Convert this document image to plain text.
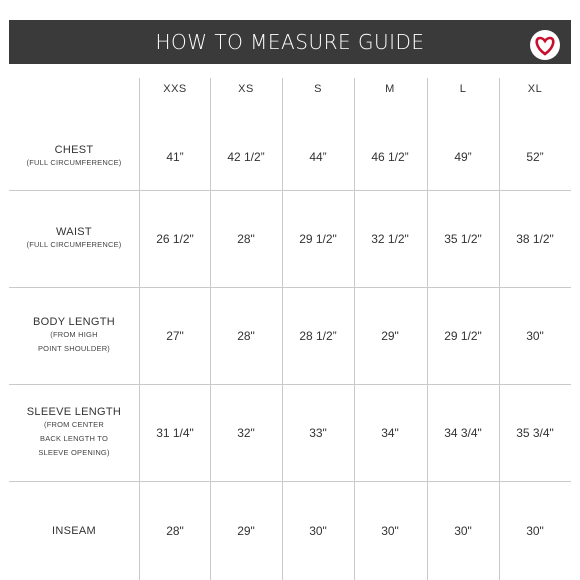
HOW TO MEASURE GUIDE
XXS	XS	S	M	L	XL
CHEST
(FULL CIRCUMFERENCE)	41”	42 1/2”	44”	46 1/2”	49”	52”
WAIST
(FULL CIRCUMFERENCE)	26 1/2"	28"	29 1/2"	32 1/2"	35 1/2"	38 1/2"
BODY LENGTH
(FROM HIGH
POINT SHOULDER)
27"	28"	28 1/2”	29"	29 1/2"	30"
SLEEVE LENGTH
(FROM CENTER
BACK LENGTH TO
SLEEVE OPENING)
31 1/4"	32"	33"	34"	34 3/4"	35 3/4"
INSEAM	28"	29"	30"	30"	30"	30"
